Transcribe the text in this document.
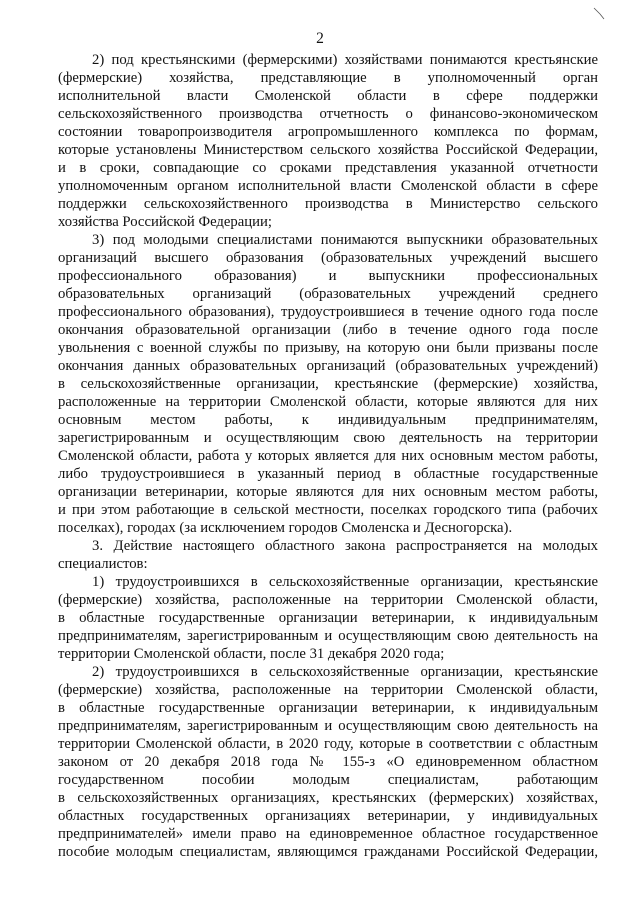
2
2) под крестьянскими (фермерскими) хозяйствами понимаются крестьянские
(фермерские) хозяйства, представляющие в уполномоченный орган
исполнительной власти Смоленской области в сфере поддержки
сельскохозяйственного производства отчетность о финансово-экономическом
состоянии товаропроизводителя агропромышленного комплекса по формам,
которые установлены Министерством сельского хозяйства Российской Федерации,
и в сроки, совпадающие со сроками представления указанной отчетности
уполномоченным органом исполнительной власти Смоленской области в сфере
поддержки сельскохозяйственного производства в Министерство сельского
хозяйства Российской Федерации;
3) под молодыми специалистами понимаются выпускники образовательных
организаций высшего образования (образовательных учреждений высшего
профессионального образования) и выпускники профессиональных
образовательных организаций (образовательных учреждений среднего
профессионального образования), трудоустроившиеся в течение одного года после
окончания образовательной организации (либо в течение одного года после
увольнения с военной службы по призыву, на которую они были призваны после
окончания данных образовательных организаций (образовательных учреждений)
в сельскохозяйственные организации, крестьянские (фермерские) хозяйства,
расположенные на территории Смоленской области, которые являются для них
основным местом работы, к индивидуальным предпринимателям,
зарегистрированным и осуществляющим свою деятельность на территории
Смоленской области, работа у которых является для них основным местом работы,
либо трудоустроившиеся в указанный период в областные государственные
организации ветеринарии, которые являются для них основным местом работы,
и при этом работающие в сельской местности, поселках городского типа (рабочих
поселках), городах (за исключением городов Смоленска и Десногорска).
3. Действие настоящего областного закона распространяется на молодых
специалистов:
1) трудоустроившихся в сельскохозяйственные организации, крестьянские
(фермерские) хозяйства, расположенные на территории Смоленской области,
в областные государственные организации ветеринарии, к индивидуальным
предпринимателям, зарегистрированным и осуществляющим свою деятельность на
территории Смоленской области, после 31 декабря 2020 года;
2) трудоустроившихся в сельскохозяйственные организации, крестьянские
(фермерские) хозяйства, расположенные на территории Смоленской области,
в областные государственные организации ветеринарии, к индивидуальным
предпринимателям, зарегистрированным и осуществляющим свою деятельность на
территории Смоленской области, в 2020 году, которые в соответствии с областным
законом от 20 декабря 2018 года № 155-з «О единовременном областном
государственном пособии молодым специалистам, работающим
в сельскохозяйственных организациях, крестьянских (фермерских) хозяйствах,
областных государственных организациях ветеринарии, у индивидуальных
предпринимателей» имели право на единовременное областное государственное
пособие молодым специалистам, являющимся гражданами Российской Федерации,
